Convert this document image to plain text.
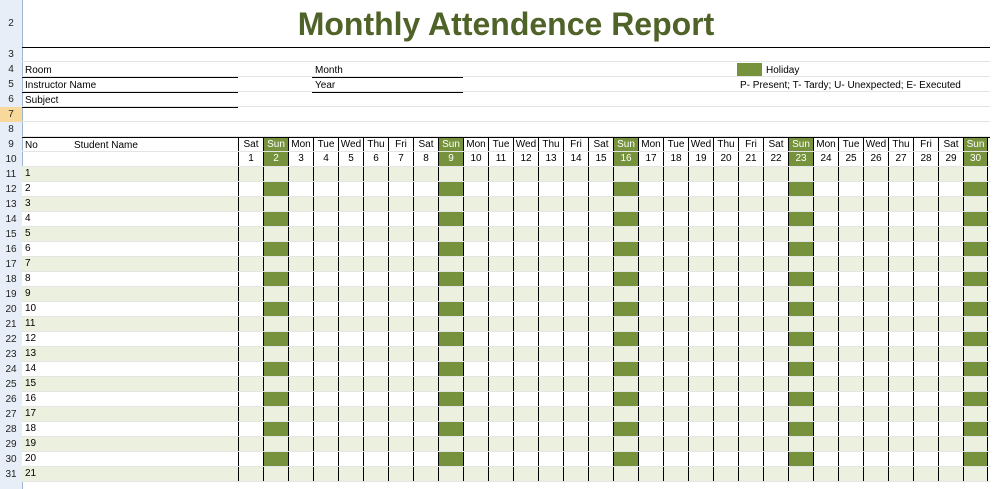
2
3
4
5
6
7
8
9
10
11
12
13
14
15
16
17
18
19
20
21
22
23
24
25
26
27
28
29
30
31
Monthly Attendence Report
Room
Instructor Name
Subject
Month
Year
Holiday
P- Present; T- Tardy; U- Unexpected; E- Executed
No	Student Name	Sat
1
Sun
2
Mon
3
Tue
4
Wed
5
Thu
6
Fri
7
Sat
8
Sun
9
Mon
10
Tue
11
Wed
12
Thu
13
Fri
14
Sat
15
Sun
16
Mon
17
Tue
18
Wed
19
Thu
20
Fri
21
Sat
22
Sun
23
Mon
24
Tue
25
Wed
26
Thu
27
Fri
28
Sat
29
Sun
30
1
2
3
4
5
6
7
8
9
10
11
12
13
14
15
16
17
18
19
20
21
